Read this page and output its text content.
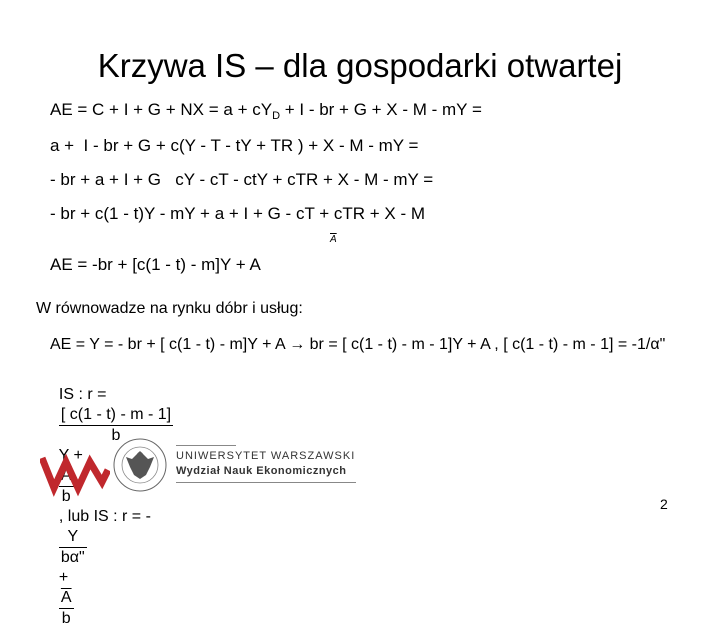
Krzywa IS – dla gospodarki otwartej
AE = C + I + G + NX = $a + cY_D + I$ - br + G + X - M - mY =
a +  I - br + G + c(Y - T - tY + TR ) + X - M - mY =
- br + a + I + G   cY - cT - ctY + cTR + X - M - mY =
- br + c(1 - t)Y - mY + a + I + G - cT + cTR + X - M
$\overline{A}$
AE = -br + [c(1 - t) - m]Y + A
W równowadze na rynku dóbr i usług:
AE = Y = - br + [ c(1 - t) - m]Y + A → br = [ c(1 - t) - m - 1]Y + A , [ c(1 - t) - m - 1] = -1/α"

IS : r =

$\frac{[ c(1 - t) - m - 1]}{b}$

Y +

$\frac{\overline{A}}{b}$

, lub IS : r = -

$\frac{Y}{b\alpha"}$

+

$\frac{\overline{A}}{b}$

UNIWERSYTET WARSZAWSKI
Wydział Nauk Ekonomicznych
2
